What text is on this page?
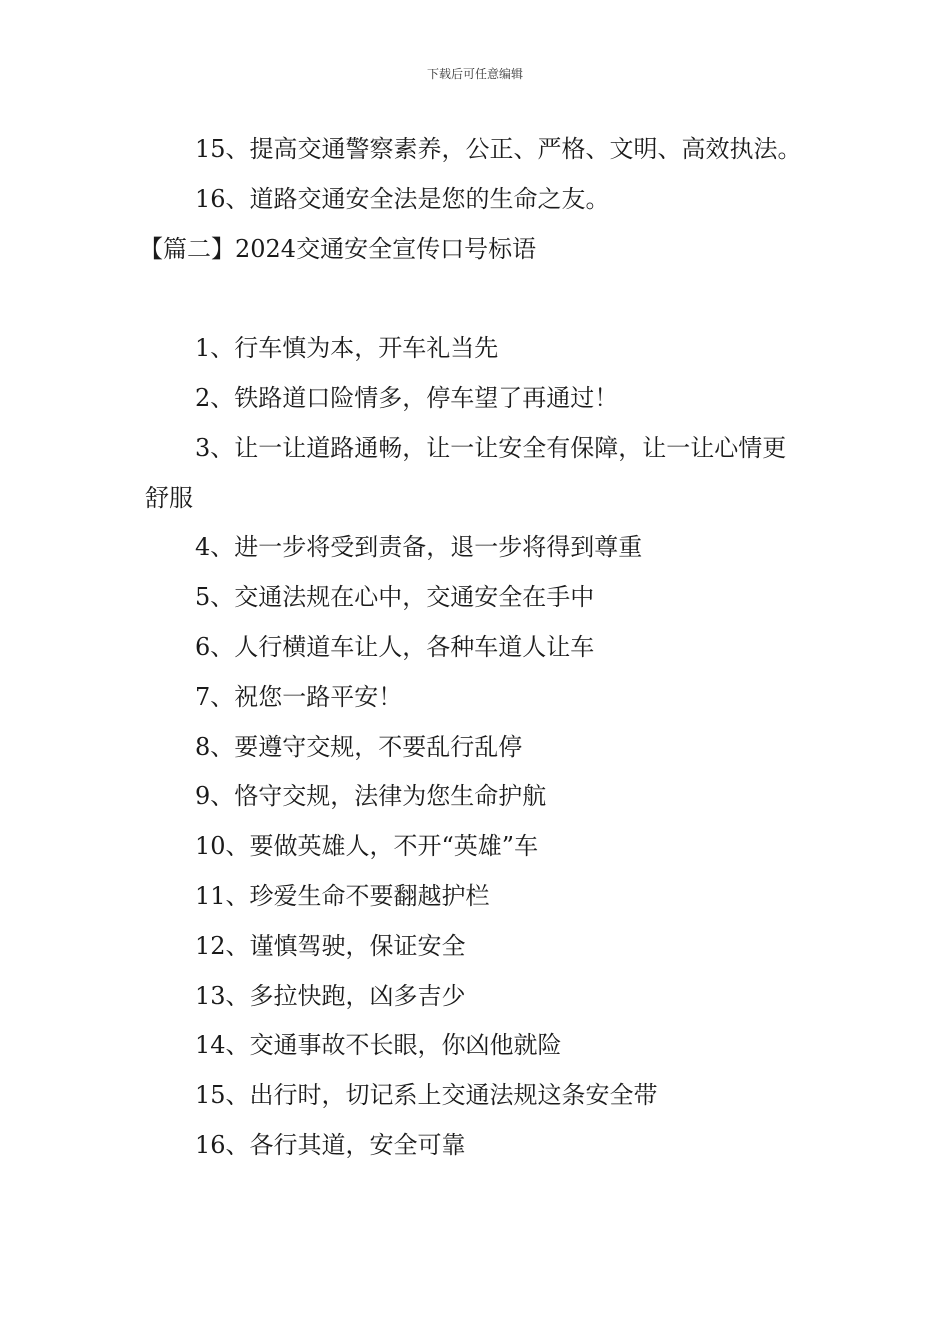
下载后可任意编辑

15、提高交通警察素养，公正、严格、文明、高效执法。

16、道路交通安全法是您的生命之友。

【篇二】2024交通安全宣传口号标语

1、行车慎为本，开车礼当先

2、铁路道口险情多，停车望了再通过！

3、让一让道路通畅，让一让安全有保障，让一让心情更舒服

4、进一步将受到责备，退一步将得到尊重

5、交通法规在心中，交通安全在手中

6、人行横道车让人，各种车道人让车

7、祝您一路平安！

8、要遵守交规，不要乱行乱停

9、恪守交规，法律为您生命护航

10、要做英雄人，不开“英雄”车

11、珍爱生命不要翻越护栏

12、谨慎驾驶，保证安全

13、多拉快跑，凶多吉少

14、交通事故不长眼，你凶他就险

15、出行时，切记系上交通法规这条安全带

16、各行其道，安全可靠
